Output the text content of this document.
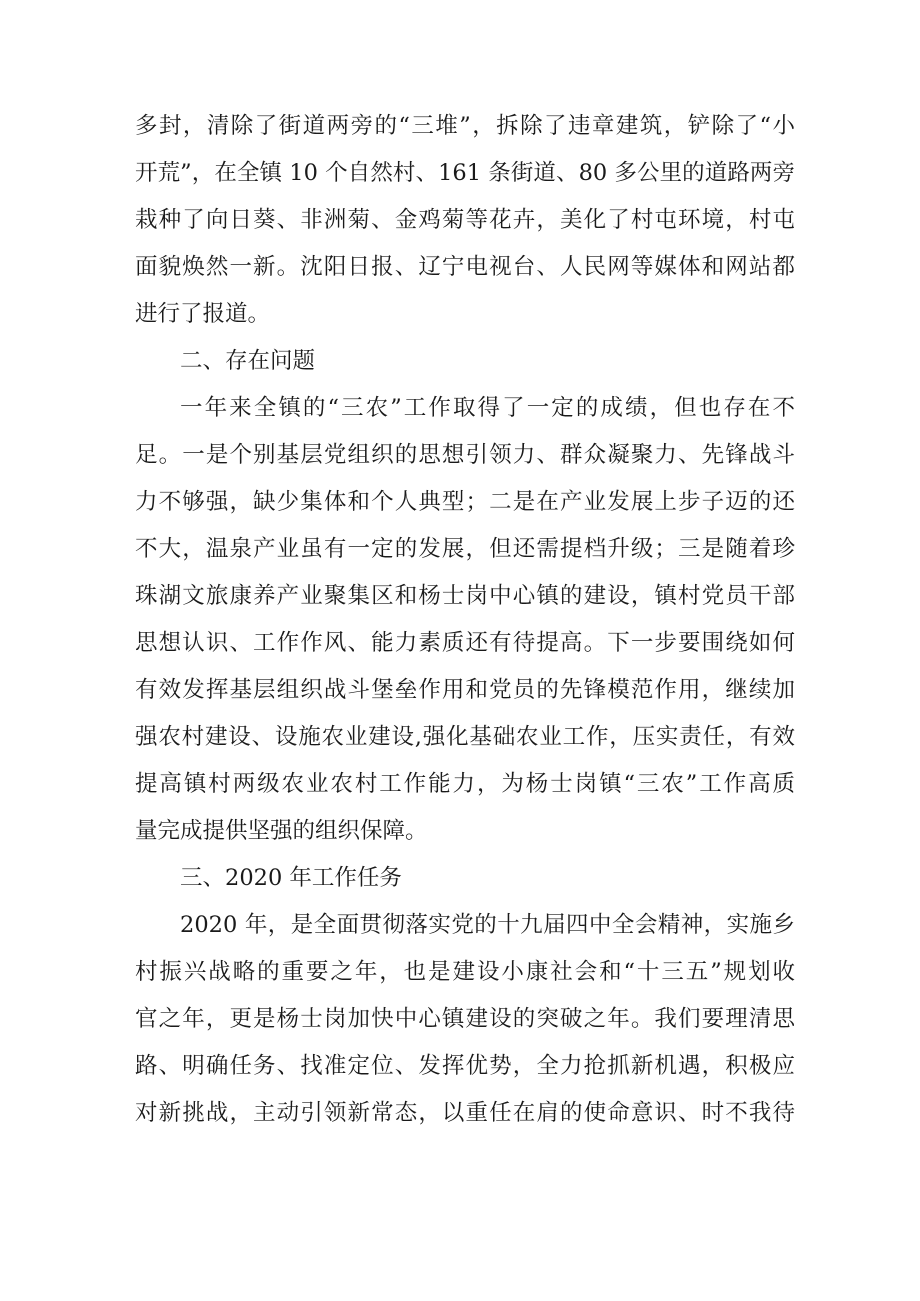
多封，清除了街道两旁的“三堆”，拆除了违章建筑，铲除了“小
开荒”，在全镇 10 个自然村、161 条街道、80 多公里的道路两旁
栽种了向日葵、非洲菊、金鸡菊等花卉，美化了村屯环境，村屯
面貌焕然一新。沈阳日报、辽宁电视台、人民网等媒体和网站都
进行了报道。
二、存在问题
一年来全镇的“三农”工作取得了一定的成绩，但也存在不
足。一是个别基层党组织的思想引领力、群众凝聚力、先锋战斗
力不够强，缺少集体和个人典型；二是在产业发展上步子迈的还
不大，温泉产业虽有一定的发展，但还需提档升级；三是随着珍
珠湖文旅康养产业聚集区和杨士岗中心镇的建设，镇村党员干部
思想认识、工作作风、能力素质还有待提高。下一步要围绕如何
有效发挥基层组织战斗堡垒作用和党员的先锋模范作用，继续加
强农村建设、设施农业建设,强化基础农业工作，压实责任，有效
提高镇村两级农业农村工作能力，为杨士岗镇“三农”工作高质
量完成提供坚强的组织保障。
三、2020 年工作任务
2020 年，是全面贯彻落实党的十九届四中全会精神，实施乡
村振兴战略的重要之年，也是建设小康社会和“十三五”规划收
官之年，更是杨士岗加快中心镇建设的突破之年。我们要理清思
路、明确任务、找准定位、发挥优势，全力抢抓新机遇，积极应
对新挑战，主动引领新常态，以重任在肩的使命意识、时不我待
